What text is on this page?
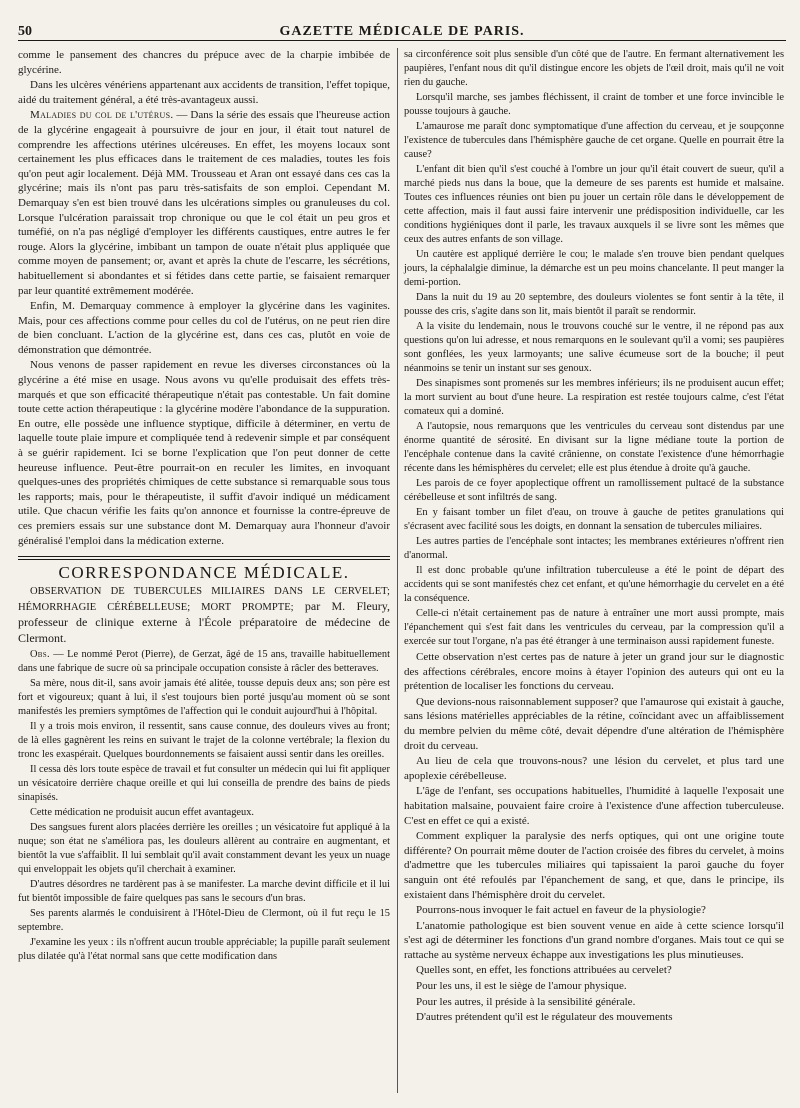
50	GAZETTE MÉDICALE DE PARIS.

comme le pansement des chancres du prépuce avec de la charpie imbibée de glycérine.

Dans les ulcères vénériens appartenant aux accidents de transition, l'effet topique, aidé du traitement général, a été très-avantageux aussi.

Maladies du col de l'utérus. — Dans la série des essais que l'heureuse action de la glycérine engageait à poursuivre de jour en jour, il était tout naturel de comprendre les affections utérines ulcéreuses. En effet, les moyens locaux sont certainement les plus efficaces dans le traitement de ces maladies, toutes les fois qu'on peut agir localement. Déjà MM. Trousseau et Aran ont essayé dans ces cas la glycérine; mais ils n'ont pas paru très-satisfaits de son emploi. Cependant M. Demarquay s'en est bien trouvé dans les ulcérations simples ou granuleuses du col. Lorsque l'ulcération paraissait trop chronique ou que le col était un peu gros et tuméfié, on n'a pas négligé d'employer les différents caustiques, entre autres le fer rouge. Alors la glycérine, imbibant un tampon de ouate n'était plus appliquée que comme moyen de pansement; or, avant et après la chute de l'escarre, les sécrétions, habituellement si abondantes et si fétides dans cette partie, se faisaient remarquer par leur quantité extrêmement modérée.

Enfin, M. Demarquay commence à employer la glycérine dans les vaginites. Mais, pour ces affections comme pour celles du col de l'utérus, on ne peut rien dire de bien concluant. L'action de la glycérine est, dans ces cas, plutôt en voie de démonstration que démontrée.

Nous venons de passer rapidement en revue les diverses circonstances où la glycérine a été mise en usage. Nous avons vu qu'elle produisait des effets très-marqués et que son efficacité thérapeutique n'était pas contestable. Un fait domine toute cette action thérapeutique : la glycérine modère l'abondance de la suppuration. En outre, elle possède une influence styptique, difficile à déterminer, en vertu de laquelle toute plaie impure et compliquée tend à redevenir simple et par conséquent à se guérir rapidement. Ici se borne l'explication que l'on peut donner de cette heureuse influence. Peut-être pourrait-on en reculer les limites, en invoquant quelques-unes des propriétés chimiques de cette substance si remarquable sous tous les rapports; mais, pour le thérapeutiste, il suffit d'avoir indiqué un médicament utile. Que chacun vérifie les faits qu'on annonce et fournisse la contre-épreuve de ces premiers essais sur une substance dont M. Demarquay aura l'honneur d'avoir généralisé l'emploi dans la médication externe.

CORRESPONDANCE MÉDICALE.

OBSERVATION DE TUBERCULES MILIAIRES DANS LE CERVELET; HÉMORRHAGIE CÉRÉBELLEUSE; MORT PROMPTE; par M. Fleury, professeur de clinique externe à l'École préparatoire de médecine de Clermont.

Obs. — Le nommé Perot (Pierre), de Gerzat, âgé de 15 ans, travaille habituellement dans une fabrique de sucre où sa principale occupation consiste à râcler des betteraves.

Sa mère, nous dit-il, sans avoir jamais été alitée, tousse depuis deux ans; son père est fort et vigoureux; quant à lui, il s'est toujours bien porté jusqu'au moment où se sont manifestés les premiers symptômes de l'affection qui le conduit aujourd'hui à l'hôpital.

Il y a trois mois environ, il ressentit, sans cause connue, des douleurs vives au front; de là elles gagnèrent les reins en suivant le trajet de la colonne vertébrale; la flexion du tronc les exaspérait. Quelques bourdonnements se faisaient aussi sentir dans les oreilles.

Il cessa dès lors toute espèce de travail et fut consulter un médecin qui lui fit appliquer un vésicatoire derrière chaque oreille et qui lui conseilla de prendre des bains de pieds sinapisés.

Cette médication ne produisit aucun effet avantageux.

Des sangsues furent alors placées derrière les oreilles ; un vésicatoire fut appliqué à la nuque; son état ne s'améliora pas, les douleurs allèrent au contraire en augmentant, et bientôt la vue s'affaiblit. Il lui semblait qu'il avait constamment devant les yeux un nuage qui enveloppait les objets qu'il cherchait à examiner.

D'autres désordres ne tardèrent pas à se manifester. La marche devint difficile et il lui fut bientôt impossible de faire quelques pas sans le secours d'un bras.

Ses parents alarmés le conduisirent à l'Hôtel-Dieu de Clermont, où il fut reçu le 15 septembre.

J'examine les yeux : ils n'offrent aucun trouble appréciable; la pupille paraît seulement plus dilatée qu'à l'état normal sans que cette modification dans

sa circonférence soit plus sensible d'un côté que de l'autre. En fermant alternativement les paupières, l'enfant nous dit qu'il distingue encore les objets de l'œil droit, mais qu'il ne voit rien du gauche.

Lorsqu'il marche, ses jambes fléchissent, il craint de tomber et une force invincible le pousse toujours à gauche.

L'amaurose me paraît donc symptomatique d'une affection du cerveau, et je soupçonne l'existence de tubercules dans l'hémisphère gauche de cet organe. Quelle en pourrait être la cause?

L'enfant dit bien qu'il s'est couché à l'ombre un jour qu'il était couvert de sueur, qu'il a marché pieds nus dans la boue, que la demeure de ses parents est humide et malsaine. Toutes ces influences réunies ont bien pu jouer un certain rôle dans le développement de cette affection, mais il faut aussi faire intervenir une prédisposition individuelle, car les conditions hygiéniques dont il parle, les travaux auxquels il se livre sont les mêmes que ceux des autres enfants de son village.

Un cautère est appliqué derrière le cou; le malade s'en trouve bien pendant quelques jours, la céphalalgie diminue, la démarche est un peu moins chancelante. Il peut manger la demi-portion.

Dans la nuit du 19 au 20 septembre, des douleurs violentes se font sentir à la tête, il pousse des cris, s'agite dans son lit, mais bientôt il paraît se rendormir.

A la visite du lendemain, nous le trouvons couché sur le ventre, il ne répond pas aux questions qu'on lui adresse, et nous remarquons en le soulevant qu'il a vomi; ses paupières sont gonflées, les yeux larmoyants; une salive écumeuse sort de la bouche; il peut néanmoins se tenir un instant sur ses genoux.

Des sinapismes sont promenés sur les membres inférieurs; ils ne produisent aucun effet; la mort survient au bout d'une heure. La respiration est restée toujours calme, c'est l'état comateux qui a dominé.

A l'autopsie, nous remarquons que les ventricules du cerveau sont distendus par une énorme quantité de sérosité. En divisant sur la ligne médiane toute la portion de l'encéphale contenue dans la cavité crânienne, on constate l'existence d'une hémorrhagie récente dans les hémisphères du cervelet; elle est plus étendue à droite qu'à gauche.

Les parois de ce foyer apoplectique offrent un ramollissement pultacé de la substance cérébelleuse et sont infiltrés de sang.

En y faisant tomber un filet d'eau, on trouve à gauche de petites granulations qui s'écrasent avec facilité sous les doigts, en donnant la sensation de tubercules miliaires.

Les autres parties de l'encéphale sont intactes; les membranes extérieures n'offrent rien d'anormal.

Il est donc probable qu'une infiltration tuberculeuse a été le point de départ des accidents qui se sont manifestés chez cet enfant, et qu'une hémorrhagie du cervelet en a été la conséquence.

Celle-ci n'était certainement pas de nature à entraîner une mort aussi prompte, mais l'épanchement qui s'est fait dans les ventricules du cerveau, par la compression qu'il a exercée sur tout l'organe, n'a pas été étranger à une terminaison aussi rapidement funeste.

Cette observation n'est certes pas de nature à jeter un grand jour sur le diagnostic des affections cérébrales, encore moins à étayer l'opinion des auteurs qui ont eu la prétention de localiser les fonctions du cerveau.

Que devions-nous raisonnablement supposer? que l'amaurose qui existait à gauche, sans lésions matérielles appréciables de la rétine, coïncidant avec un affaiblissement du membre pelvien du même côté, devait dépendre d'une altération de l'hémisphère droit du cerveau.

Au lieu de cela que trouvons-nous? une lésion du cervelet, et plus tard une apoplexie cérébelleuse.

L'âge de l'enfant, ses occupations habituelles, l'humidité à laquelle l'exposait une habitation malsaine, pouvaient faire croire à l'existence d'une affection tuberculeuse. C'est en effet ce qui a existé.

Comment expliquer la paralysie des nerfs optiques, qui ont une origine toute différente? On pourrait même douter de l'action croisée des fibres du cervelet, à moins d'admettre que les tubercules miliaires qui tapissaient la paroi gauche du foyer sanguin ont été refoulés par l'épanchement de sang, et que, dans le principe, ils existaient dans l'hémisphère droit du cervelet.

Pourrons-nous invoquer le fait actuel en faveur de la physiologie?

L'anatomie pathologique est bien souvent venue en aide à cette science lorsqu'il s'est agi de déterminer les fonctions d'un grand nombre d'organes. Mais tout ce qui se rattache au système nerveux échappe aux investigations les plus minutieuses.

Quelles sont, en effet, les fonctions attribuées au cervelet?

Pour les uns, il est le siège de l'amour physique.

Pour les autres, il préside à la sensibilité générale.

D'autres prétendent qu'il est le régulateur des mouvements
